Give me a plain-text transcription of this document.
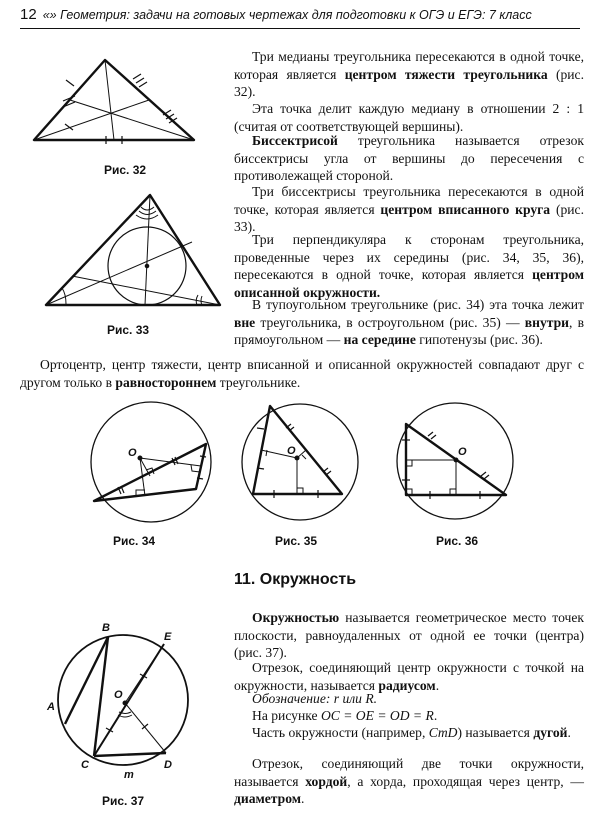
12 «» Геометрия: задачи на готовых чертежах для подготовки к ОГЭ и ЕГЭ: 7 класс
Три медианы треугольника пересекаются в одной точке, которая является центром тяжести треугольника (рис. 32).
Эта точка делит каждую медиану в отношении 2 : 1 (считая от соответствующей вершины).
Биссектрисой треугольника называется отрезок биссектрисы угла от вершины до пересечения с противолежащей стороной.
Три биссектрисы треугольника пересекаются в одной точке, которая является центром вписанного круга (рис. 33).
Три перпендикуляра к сторонам треугольника, проведенные через их середины (рис. 34, 35, 36), пересекаются в одной точке, которая является центром описанной окружности.
В тупоугольном треугольнике (рис. 34) эта точка лежит вне треугольника, в остроугольном (рис. 35) — внутри, в прямоугольном — на середине гипотенузы (рис. 36).
Ортоцентр, центр тяжести, центр вписанной и описанной окружностей совпадают друг с другом только в равностороннем треугольнике.
11. Окружность
Окружностью называется геометрическое место точек плоскости, равноудаленных от одной ее точки (центра) (рис. 37).
Отрезок, соединяющий центр окружности с точкой на окружности, называется радиусом.
Обозначение: r или R.
На рисунке OC = OE = OD = R.
Часть окружности (например, CmD) называется дугой.
Отрезок, соединяющий две точки окружности, называется хордой, а хорда, проходящая через центр, — диаметром.
Рис. 32
Рис. 33
O
Рис. 34
O
Рис. 35
O
Рис. 36
B
E
O
A
C	D
m
Рис. 37
